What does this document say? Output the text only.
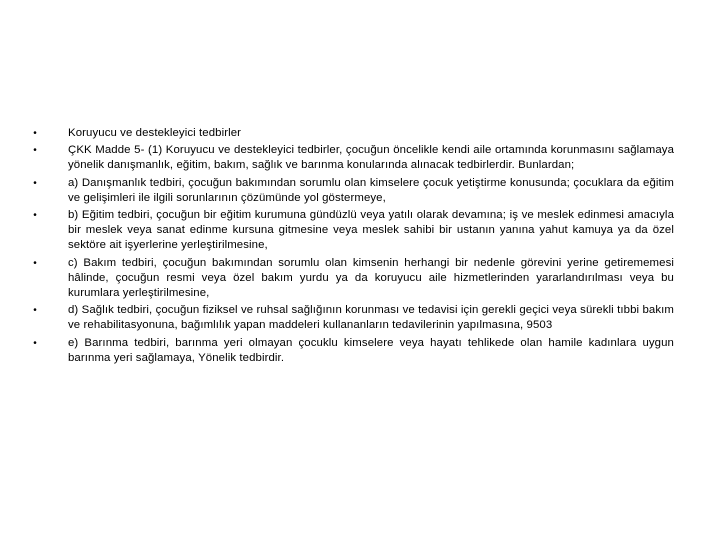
•	Koruyucu ve destekleyici tedbirler
•	ÇKK Madde 5- (1) Koruyucu ve destekleyici tedbirler, çocuğun öncelikle kendi aile ortamında korunmasını sağlamaya yönelik danışmanlık, eğitim, bakım, sağlık ve barınma konularında alınacak tedbirlerdir. Bunlardan;
•	a) Danışmanlık tedbiri, çocuğun bakımından sorumlu olan kimselere çocuk yetiştirme konusunda; çocuklara da eğitim ve gelişimleri ile ilgili sorunlarının çözümünde yol göstermeye,
•	b) Eğitim tedbiri, çocuğun bir eğitim kurumuna gündüzlü veya yatılı olarak devamına; iş ve meslek edinmesi amacıyla bir meslek veya sanat edinme kursuna gitmesine veya meslek sahibi bir ustanın yanına yahut kamuya ya da özel sektöre ait işyerlerine yerleştirilmesine,
•	c) Bakım tedbiri, çocuğun bakımından sorumlu olan kimsenin herhangi bir nedenle görevini yerine getirememesi hâlinde, çocuğun resmi veya özel bakım yurdu ya da koruyucu aile hizmetlerinden yararlandırılması veya bu kurumlara yerleştirilmesine,
•	d) Sağlık tedbiri, çocuğun fiziksel ve ruhsal sağlığının korunması ve tedavisi için gerekli geçici veya sürekli tıbbi bakım ve rehabilitasyonuna, bağımlılık yapan maddeleri kullananların tedavilerinin yapılmasına, 9503
•	e) Barınma tedbiri, barınma yeri olmayan çocuklu kimselere veya hayatı tehlikede olan hamile kadınlara uygun barınma yeri sağlamaya, Yönelik tedbirdir.
